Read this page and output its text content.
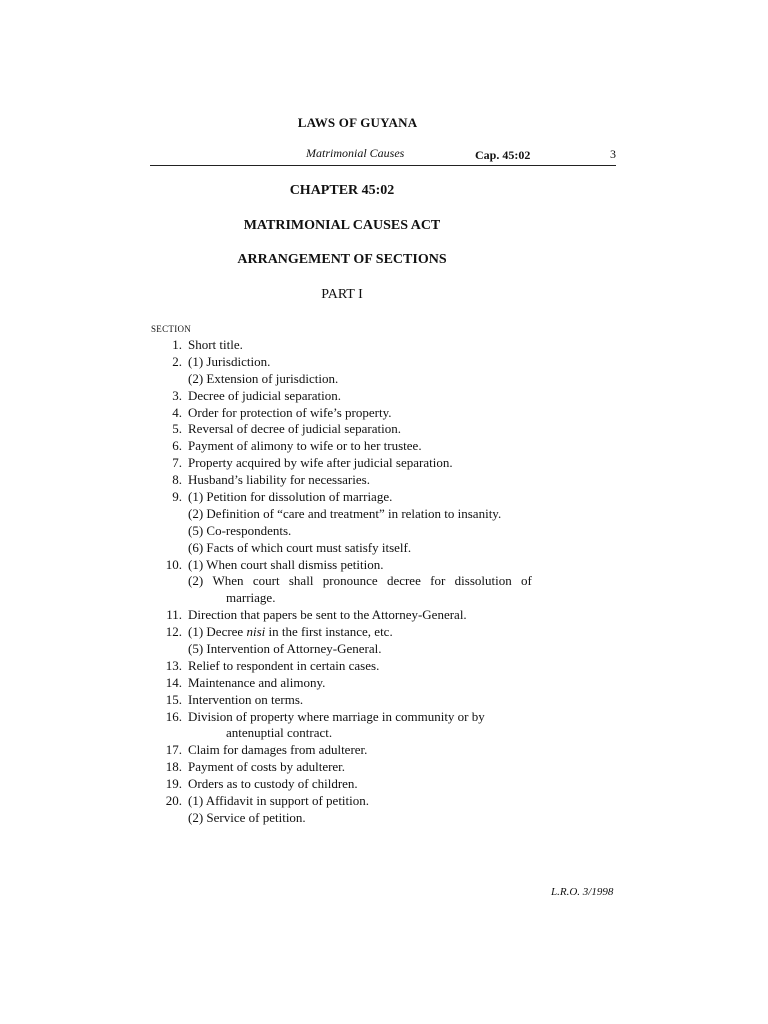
LAWS OF GUYANA
Matrimonial Causes	Cap. 45:02	3
CHAPTER 45:02
MATRIMONIAL CAUSES ACT
ARRANGEMENT OF SECTIONS
PART I
SECTION
1. Short title.
2. (1) Jurisdiction.
(2) Extension of jurisdiction.
3. Decree of judicial separation.
4. Order for protection of wife’s property.
5. Reversal of decree of judicial separation.
6. Payment of alimony to wife or to her trustee.
7. Property acquired by wife after judicial separation.
8. Husband’s liability for necessaries.
9. (1) Petition for dissolution of marriage.
(2) Definition of “care and treatment” in relation to insanity.
(5) Co-respondents.
(6) Facts of which court must satisfy itself.
10. (1) When court shall dismiss petition.
(2) When court shall pronounce decree for dissolution of
marriage.
11. Direction that papers be sent to the Attorney-General.
12. (1) Decree nisi in the first instance, etc.
(5) Intervention of Attorney-General.
13. Relief to respondent in certain cases.
14. Maintenance and alimony.
15. Intervention on terms.
16. Division of property where marriage in community or by
antenuptial contract.
17. Claim for damages from adulterer.
18. Payment of costs by adulterer.
19. Orders as to custody of children.
20. (1) Affidavit in support of petition.
(2) Service of petition.
L.R.O. 3/1998
